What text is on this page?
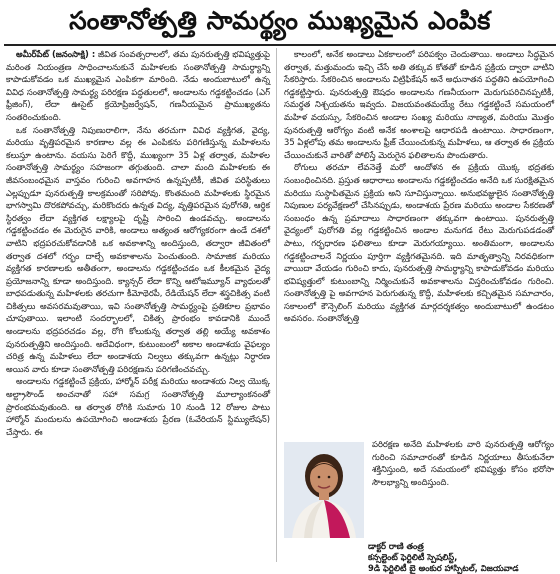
సంతానోత్పత్తి సామర్థ్యం ముఖ్యమైన ఎంపిక

అమీర్‌పేట్ (జనంసాక్షి) : జీవిత సంవత్సరాలలో, తమ పునరుత్పత్తి భవిష్యత్తుపై మరింత నియంత్రణ సాధించాలనుకునే మహిళలకు సంతానోత్పత్తి సామర్థ్యాన్ని కాపాడుకోవడం ఒక ముఖ్యమైన ఎంపికగా మారింది. నేడు అందుబాటులో ఉన్న వివిధ సంతానోత్పత్తి సామర్థ్య పరిరక్షణ పద్ధతులలో, అండాలను గడ్డకట్టించడం (ఎగ్ ఫ్రీజింగ్), లేదా ఊసైట్ క్రయోప్రిజర్వేషన్, గణనీయమైన ప్రాముఖ్యతను సంతరించుకుంది.

ఒక సంతానోత్పత్తి నిపుణురాలిగా, నేను తరచుగా వివిధ వ్యక్తిగత, వైద్య, మరియు వృత్తిపరమైన కారణాల వల్ల ఈ ఎంపికను పరిగణిస్తున్న మహిళలను కలుస్తూ ఉంటాను. వయసు పెరిగే కొద్దీ, ముఖ్యంగా 35 ఏళ్ల తర్వాత, మహిళల సంతానోత్పత్తి సామర్థ్యం సహజంగా తగ్గుతుంది. చాలా మంది మహిళలకు ఈ జీవసంబంధమైన వాస్తవం గురించి అవగాహన ఉన్నప్పటికీ, జీవిత పరిస్థితులు ఎల్లప్పుడూ పునరుత్పత్తి కాలక్రమంతో సరిపోవు. కొంతమంది మహిళలకు స్థిరమైన భాగస్వామి దొరకపోవచ్చు, మరికొందరు ఉన్నత విద్య, వృత్తిపరమైన పురోగతి, ఆర్థిక స్థిరత్వం లేదా వ్యక్తిగత లక్ష్యాలపై దృష్టి సారించి ఉండవచ్చు. అండాలను గడ్డకట్టించడం ఈ మెరుగైన వారికి, అండాలు అత్యంత ఆరోగ్యకరంగా ఉండే దశలో వాటిని భద్రపరచుకోవడానికి ఒక అవకాశాన్ని అందిస్తుంది, తద్వారా జీవితంలో తర్వాత దశలో గర్భం దాల్చే అవకాశాలను పెంచుతుంది. సామాజిక మరియు వ్యక్తిగత కారణాలకు అతీతంగా, అండాలను గడ్డకట్టించడం ఒక కీలకమైన వైద్య ప్రయోజనాన్ని కూడా అందిస్తుంది. క్యాన్సర్ లేదా కొన్ని ఆటోఇమ్యూన్ వ్యాధులతో బాధపడుతున్న మహిళలకు తరచుగా కీమోథెరపీ, రేడియేషన్ లేదా శస్త్రచికిత్స వంటి చికిత్సలు అవసరమవుతాయి, ఇవి సంతానోత్పత్తి సామర్థ్యంపై ప్రతికూల ప్రభావం చూపుతాయి. ఇలాంటి సందర్భాలలో, చికిత్స ప్రారంభం కావడానికి ముందే అండాలను భద్రపరచడం వల్ల, రోగి కోలుకున్న తర్వాత తల్లి అయ్యే అవకాశం పునరుత్పత్తిని అందిస్తుంది. అదేవిధంగా, కుటుంబంలో అకాల అండాశయ వైఫల్యం చరిత్ర ఉన్న మహిళలు లేదా అండాశయ నిల్వలు తక్కువగా ఉన్నట్లు నిర్ధారణ అయిన వారు కూడా సంతానోత్పత్తి పరిరక్షణను పరిగణించవచ్చు.

అండాలను గడ్డకట్టించే ప్రక్రియ, హార్మోన్ పరీక్ష మరియు అండాశయ నిల్వ యొక్క అల్ట్రాసౌండ్ అంచనాతో సహా సమగ్ర సంతానోత్పత్తి మూల్యాంకనంతో ప్రారంభమవుతుంది. ఆ తర్వాత రోగికి సుమారు 10 నుండి 12 రోజుల పాటు హార్మోన్ మందులను ఉపయోగించి అండాశయ ప్రేరణ (ఓవేరియన్ స్టిమ్యులేషన్) చేస్తారు. ఈ

కాలంలో, అనేక అండాలు ఏకకాలంలో పరిపక్వం చెందుతాయి. అండాలు సిద్ధమైన తర్వాత, మత్తుమందు ఇచ్చి చేసే అతి తక్కువ కోతతో కూడిన ప్రక్రియ ద్వారా వాటిని సేకరిస్తారు. సేకరించిన అండాలను విట్రిఫికేషన్ అనే అధునాతన పద్ధతిని ఉపయోగించి గడ్డకట్టిస్తారు. పునరుత్పత్తి ఔషధం అండాలను గణనీయంగా మెరుగుపరిచినప్పటికీ, సమర్థత నిశ్చయతను ఇవ్వదు. విజయవంతమయ్యే రేటు గడ్డకట్టించే సమయంలో మహిళ వయస్సు, సేకరించిన అండాల సంఖ్య మరియు నాణ్యత, మరియు మొత్తం పునరుత్పత్తి ఆరోగ్యం వంటి అనేక అంశాలపై ఆధారపడి ఉంటాయి. సాధారణంగా, 35 ఏళ్లలోపు తమ అండాలను ఫ్రీజ్ చేయించుకున్న మహిళలు, ఆ తర్వాత ఈ ప్రక్రియ చేయించుకునే వారితో పోలిస్తే మెరుగైన ఫలితాలను పొందుతారు.

రోగులు తరచూ లేవనెత్తే మరో ఆందోళన ఈ ప్రక్రియ యొక్క భద్రతకు సంబంధించినది. ప్రస్తుత ఆధారాలు అండాలను గడ్డకట్టించడం అనేది ఒక సురక్షితమైన మరియు సుస్థాపితమైన ప్రక్రియ అని సూచిస్తున్నాయి. అనుభవజ్ఞులైన సంతానోత్పత్తి నిపుణుల పర్యవేక్షణలో చేసినప్పుడు, అండాశయ ప్రేరణ మరియు అండాల సేకరణతో సంబంధం ఉన్న ప్రమాదాలు సాధారణంగా తక్కువగా ఉంటాయి. పునరుత్పత్తి వైద్యంలో పురోగతి వల్ల గడ్డకట్టించిన అండాల మనుగడ రేటు మెరుగుపడడంతో పాటు, గర్భధారణ ఫలితాలు కూడా మెరుగయ్యాయి. అంతిమంగా, అండాలను గడ్డకట్టించాలనే నిర్ణయం పూర్తిగా వ్యక్తిగతమైనది. ఇది మాతృత్వాన్ని నిరవధికంగా వాయిదా వేయడం గురించి కాదు, పునరుత్పత్తి సామర్థ్యాన్ని కాపాడుకోవడం మరియు భవిష్యత్తులో కుటుంబాన్ని నిర్మించుకునే అవకాశాలను విస్తరించుకోవడం గురించి. సంతానోత్పత్తి పై అవగాహన పెరుగుతున్న కొద్దీ, మహిళలకు కచ్చితమైన సమాచారం, సకాలంలో కౌన్సెలింగ్ మరియు వ్యక్తిగత మార్గదర్శకత్వం అందుబాటులో ఉండటం అవసరం. సంతానోత్పత్తి

పరిరక్షణ అనేది మహిళలకు వారి పునరుత్పత్తి ఆరోగ్యం గురించి సమాచారంతో కూడిన నిర్ణయాలు తీసుకునేలా శక్తినిస్తుంది, అదే సమయంలో భవిష్యత్తు కోసం భరోసా సౌలభ్యాన్ని అందిస్తుంది.
డాక్టర్ రాణి తంత్ర
కన్సల్టెంట్ ఫెర్టిలిటీ స్పెషలిస్ట్,
9డి ఫెర్టిలిటీ బై అంకుర హాస్పిటల్, విజయవాడ
